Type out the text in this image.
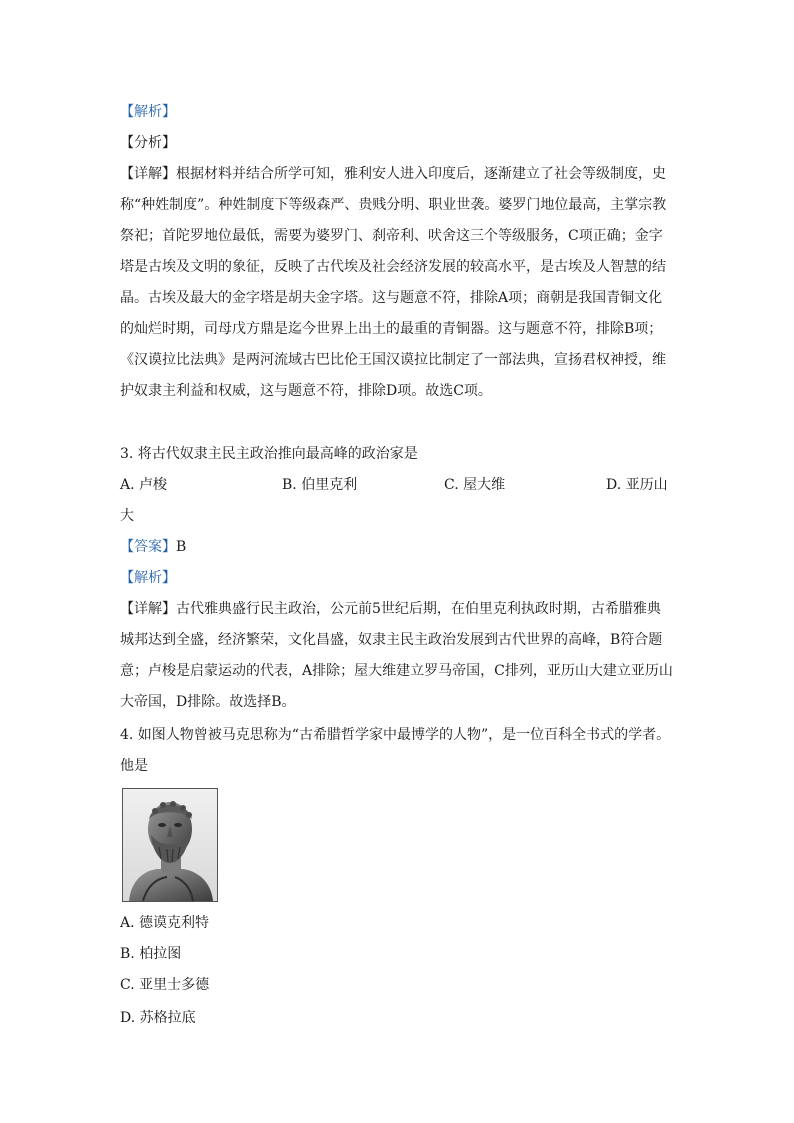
【解析】
【分析】
【详解】根据材料并结合所学可知，雅利安人进入印度后，逐渐建立了社会等级制度，史
称“种姓制度”。种姓制度下等级森严、贵贱分明、职业世袭。婆罗门地位最高，主掌宗教
祭祀；首陀罗地位最低，需要为婆罗门、刹帝利、吠舍这三个等级服务，C项正确；金字
塔是古埃及文明的象征，反映了古代埃及社会经济发展的较高水平，是古埃及人智慧的结
晶。古埃及最大的金字塔是胡夫金字塔。这与题意不符，排除A项；商朝是我国青铜文化
的灿烂时期，司母戊方鼎是迄今世界上出土的最重的青铜器。这与题意不符，排除B项；
《汉谟拉比法典》是两河流域古巴比伦王国汉谟拉比制定了一部法典，宣扬君权神授，维
护奴隶主利益和权威，这与题意不符，排除D项。故选C项。
3. 将古代奴隶主民主政治推向最高峰的政治家是
A. 卢梭	B. 伯里克利	C. 屋大维	D. 亚历山
大
【答案】B
【解析】
【详解】古代雅典盛行民主政治，公元前5世纪后期，在伯里克利执政时期，古希腊雅典
城邦达到全盛，经济繁荣，文化昌盛，奴隶主民主政治发展到古代世界的高峰，B符合题
意；卢梭是启蒙运动的代表，A排除；屋大维建立罗马帝国，C排列，亚历山大建立亚历山
大帝国，D排除。故选择B。
4. 如图人物曾被马克思称为“古希腊哲学家中最博学的人物”，是一位百科全书式的学者。
他是
A. 德谟克利特
B. 柏拉图
C. 亚里士多德
D. 苏格拉底
